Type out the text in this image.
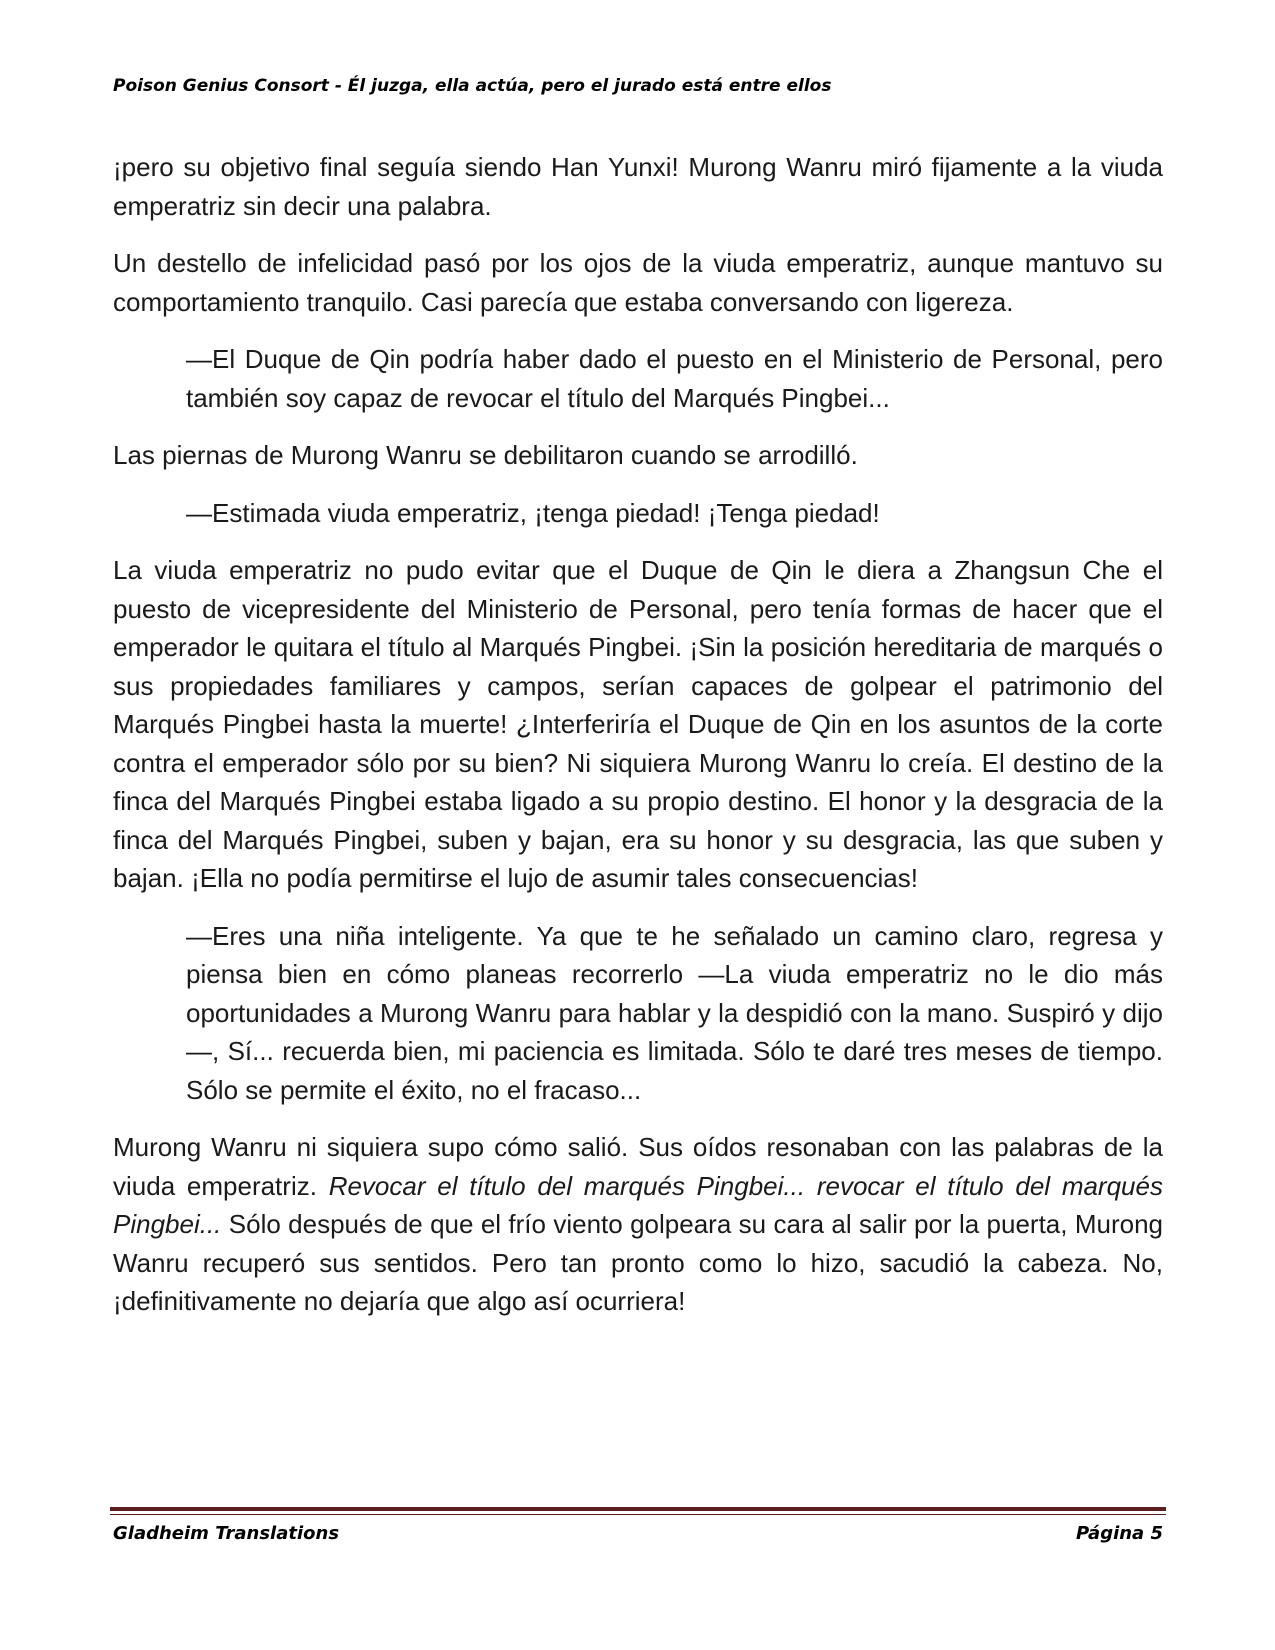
Poison Genius Consort - Él juzga, ella actúa, pero el jurado está entre ellos

¡pero su objetivo final seguía siendo Han Yunxi! Murong Wanru miró fijamente a la viuda emperatriz sin decir una palabra.

Un destello de infelicidad pasó por los ojos de la viuda emperatriz, aunque mantuvo su comportamiento tranquilo. Casi parecía que estaba conversando con ligereza.

—El Duque de Qin podría haber dado el puesto en el Ministerio de Personal, pero también soy capaz de revocar el título del Marqués Pingbei...

Las piernas de Murong Wanru se debilitaron cuando se arrodilló.

—Estimada viuda emperatriz, ¡tenga piedad! ¡Tenga piedad!

La viuda emperatriz no pudo evitar que el Duque de Qin le diera a Zhangsun Che el puesto de vicepresidente del Ministerio de Personal, pero tenía formas de hacer que el emperador le quitara el título al Marqués Pingbei. ¡Sin la posición hereditaria de marqués o sus propiedades familiares y campos, serían capaces de golpear el patrimonio del Marqués Pingbei hasta la muerte! ¿Interferiría el Duque de Qin en los asuntos de la corte contra el emperador sólo por su bien? Ni siquiera Murong Wanru lo creía. El destino de la finca del Marqués Pingbei estaba ligado a su propio destino. El honor y la desgracia de la finca del Marqués Pingbei, suben y bajan, era su honor y su desgracia, las que suben y bajan. ¡Ella no podía permitirse el lujo de asumir tales consecuencias!

—Eres una niña inteligente. Ya que te he señalado un camino claro, regresa y piensa bien en cómo planeas recorrerlo —La viuda emperatriz no le dio más oportunidades a Murong Wanru para hablar y la despidió con la mano. Suspiró y dijo—, Sí... recuerda bien, mi paciencia es limitada. Sólo te daré tres meses de tiempo. Sólo se permite el éxito, no el fracaso...

Murong Wanru ni siquiera supo cómo salió. Sus oídos resonaban con las palabras de la viuda emperatriz. Revocar el título del marqués Pingbei... revocar el título del marqués Pingbei... Sólo después de que el frío viento golpeara su cara al salir por la puerta, Murong Wanru recuperó sus sentidos. Pero tan pronto como lo hizo, sacudió la cabeza. No, ¡definitivamente no dejaría que algo así ocurriera!

Gladheim Translations	Página 5
